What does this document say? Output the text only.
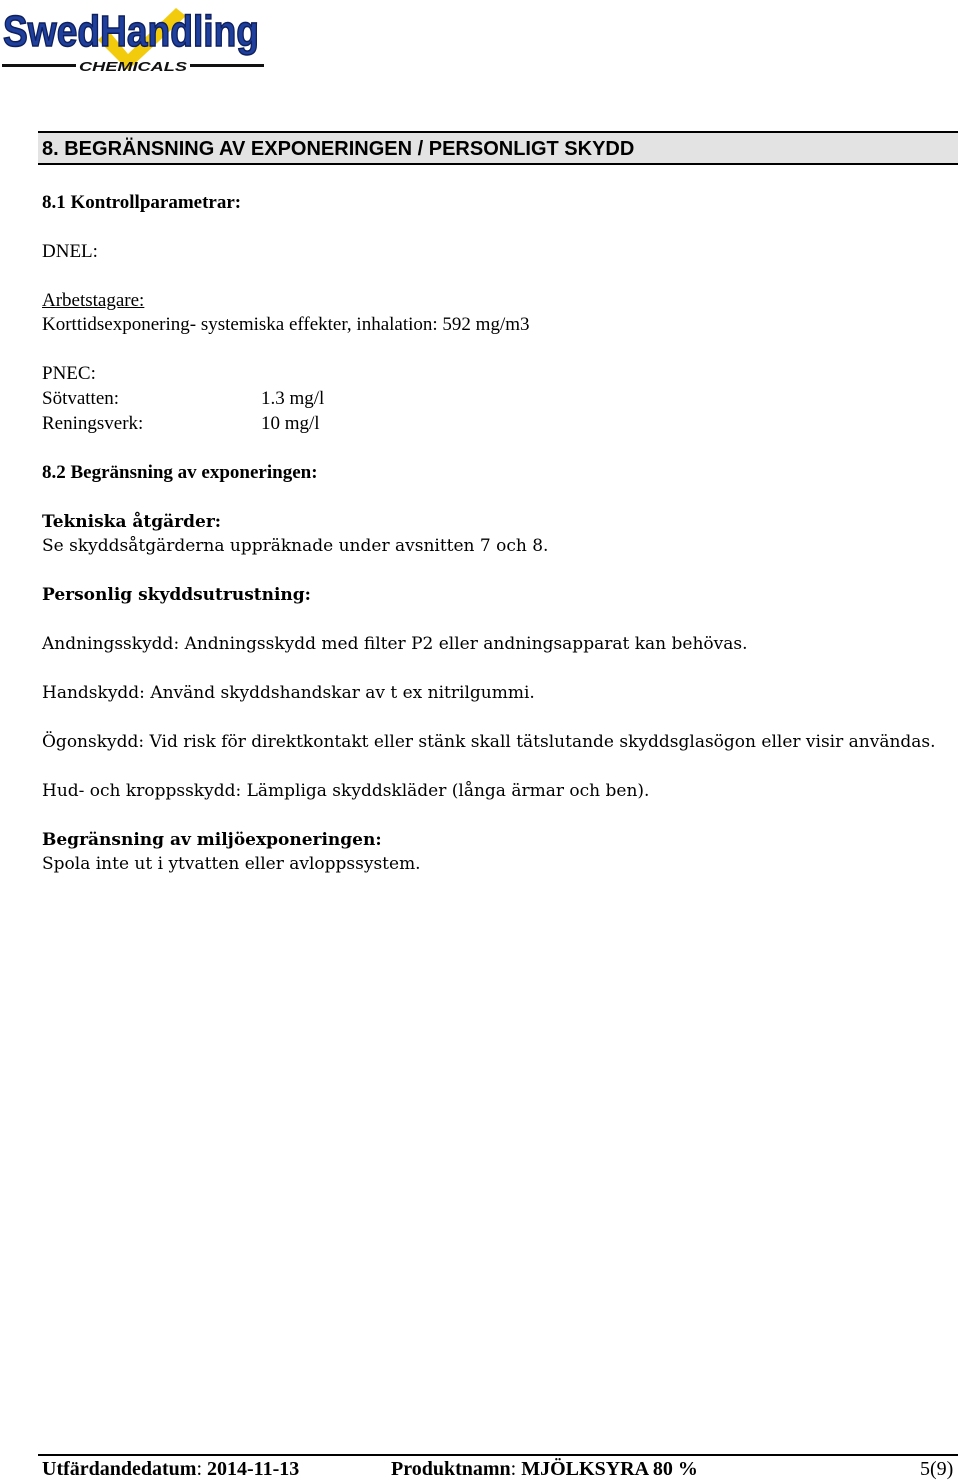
SwedHandling
CHEMICALS
8. BEGRÄNSNING AV EXPONERINGEN / PERSONLIGT SKYDD
8.1 Kontrollparametrar:
DNEL:
Arbetstagare:
Korttidsexponering- systemiska effekter, inhalation: 592 mg/m3
PNEC:
Sötvatten:	1.3 mg/l
Reningsverk:	10 mg/l
8.2 Begränsning av exponeringen:
Tekniska åtgärder:
Se skyddsåtgärderna uppräknade under avsnitten 7 och 8.
Personlig skyddsutrustning:
Andningsskydd: Andningsskydd med filter P2 eller andningsapparat kan behövas.
Handskydd: Använd skyddshandskar av t ex nitrilgummi.
Ögonskydd: Vid risk för direktkontakt eller stänk skall tätslutande skyddsglasögon eller visir användas.
Hud- och kroppsskydd: Lämpliga skyddskläder (långa ärmar och ben).
Begränsning av miljöexponeringen:
Spola inte ut i ytvatten eller avloppssystem.
Utfärdandedatum: 2014-11-13	Produktnamn: MJÖLKSYRA 80 %	5(9)
